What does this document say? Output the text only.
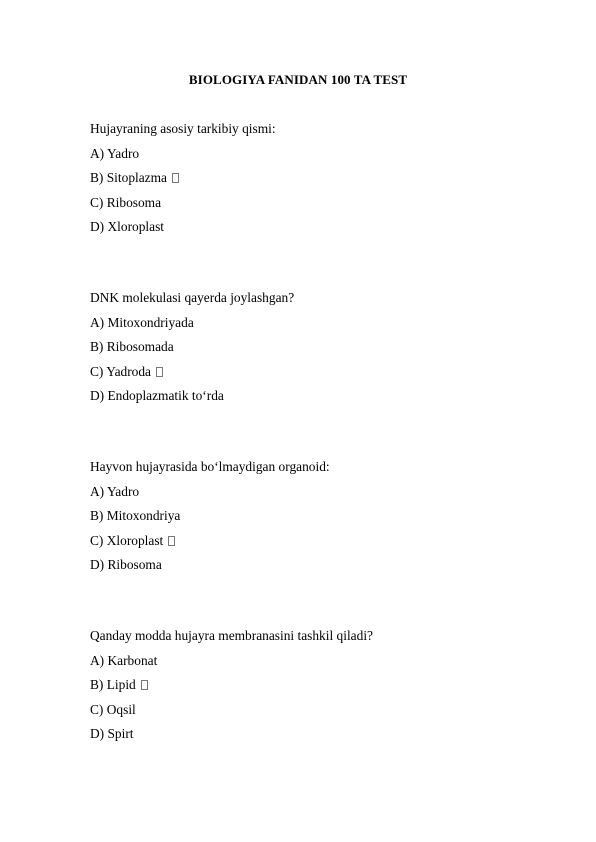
BIOLOGIYA FANIDAN 100 TA TEST
Hujayraning asosiy tarkibiy qismi:
A) Yadro
B) Sitoplazma
C) Ribosoma
D) Xloroplast
DNK molekulasi qayerda joylashgan?
A) Mitoxondriyada
B) Ribosomada
C) Yadroda
D) Endoplazmatik to‘rda
Hayvon hujayrasida bo‘lmaydigan organoid:
A) Yadro
B) Mitoxondriya
C) Xloroplast
D) Ribosoma
Qanday modda hujayra membranasini tashkil qiladi?
A) Karbonat
B) Lipid
C) Oqsil
D) Spirt
